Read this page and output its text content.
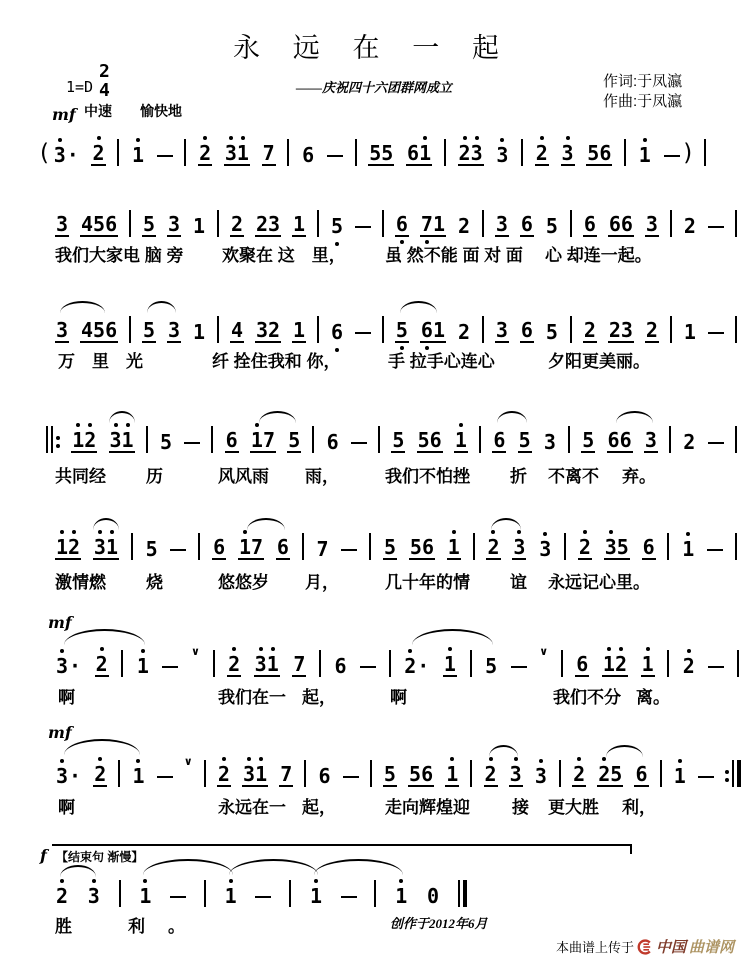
永 远 在 一 起
——庆祝四十六团群网成立	作词:于凤瀛
作曲:于凤瀛
1=D
2
4
mf 中速 愉快地
( 3 · 2 1	2 3 1 7 6	5 5 6 1 2 3 3 2 3 5 6 1 )
3 4 5 6 5 3 1 2 2 3 1 5	6 7 1 2 3 6 5 6 6 6 3 2
我们大家电 脑 旁 欢聚在 这　里， 虽 然不能 面 对 面 心 却连一起。
3 4 5 6 5 3 1 4 3 2 1 6	5 6 1 2 3 6 5 2 2 3 2 1
万　里　光	纤 拴住我和 你，	手 拉手心连心	夕阳更美丽。
1 2 3 1 5	6 1 7 5 6	5 5 6 1 6 5 3 5 6 6 3 2
共同经 历	风风雨 雨，	我们不怕挫 折 不离不 弃。
1 2 3 1 5	6 1 7 6 7	5 5 6 1 2 3 3 2 3 5 6 1
激情燃 烧	悠悠岁 月，	几十年的情 谊 永远记心里。
3 · 2 1
∨
2 3 1 7 6	2 · 1 5
∨
6 1 2 1 2
啊	我们在一 起，	啊	我们不分 离。
3 · 2 1
∨
2 3 1 7 6	5 5 6 1 2 3 3 2 2 5 6 1
啊	永远在一 起，	走向辉煌迎 接 更大胜 利，
2 3 1	1	1	1 0
胜	利 。
mf
mf
f 【结束句 渐慢】
创作于2012年6月
本曲谱上传于 中国 曲谱网
